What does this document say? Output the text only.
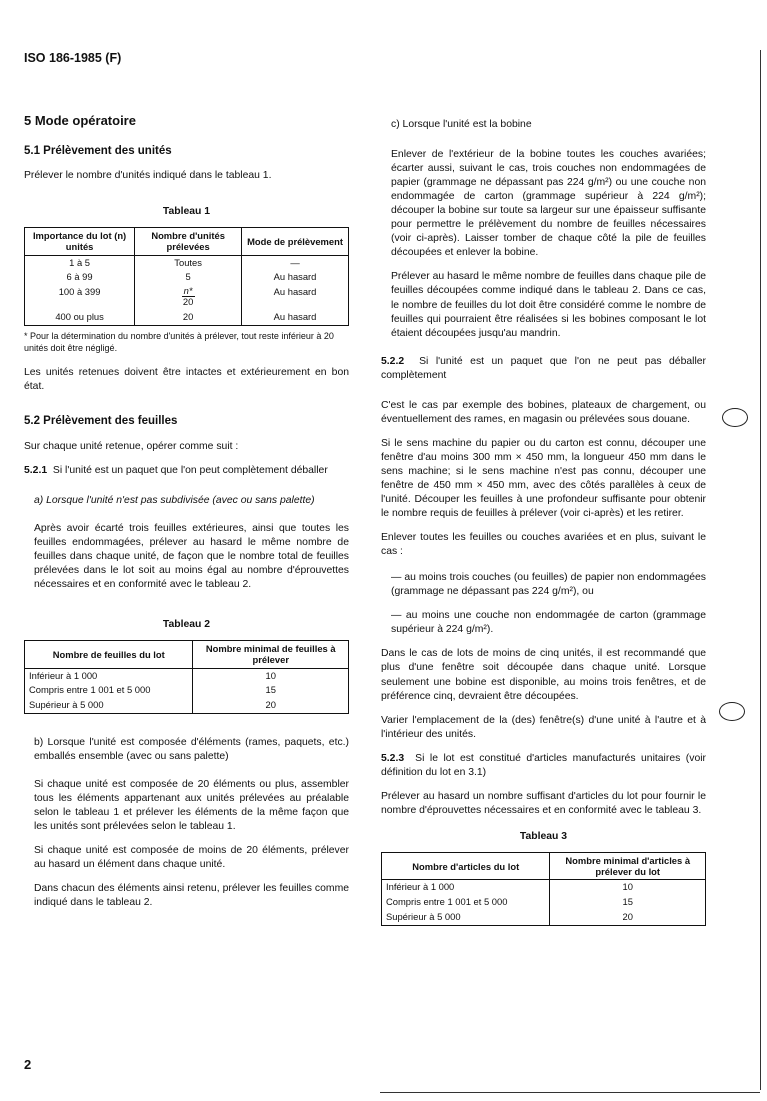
ISO 186-1985 (F)
5 Mode opératoire
5.1 Prélèvement des unités

Prélever le nombre d'unités indiqué dans le tableau 1.

Tableau 1
Importance du lot (n) unités	Nombre d'unités prélevées	Mode de prélèvement
1 à 5	Toutes	—
6 à 99	5	Au hasard
100 à 399	$\frac{n*}{20}$	Au hasard
400 ou plus	20	Au hasard
* Pour la détermination du nombre d'unités à prélever, tout reste inférieur à 20 unités doit être négligé.

Les unités retenues doivent être intactes et extérieurement en bon état.

5.2 Prélèvement des feuilles

Sur chaque unité retenue, opérer comme suit :

5.2.1 Si l'unité est un paquet que l'on peut complètement déballer

a) Lorsque l'unité n'est pas subdivisée (avec ou sans palette)

Après avoir écarté trois feuilles extérieures, ainsi que toutes les feuilles endommagées, prélever au hasard le même nombre de feuilles dans chaque unité, de façon que le nombre total de feuilles prélevées dans le lot soit au moins égal au nombre d'éprouvettes nécessaires et en conformité avec le tableau 2.

Tableau 2
Nombre de feuilles du lot	Nombre minimal de feuilles à prélever
Inférieur à 1 000	10
Compris entre 1 001 et 5 000	15
Supérieur à 5 000	20

b) Lorsque l'unité est composée d'éléments (rames, paquets, etc.) emballés ensemble (avec ou sans palette)

Si chaque unité est composée de 20 éléments ou plus, assembler tous les éléments appartenant aux unités prélevées au préalable selon le tableau 1 et prélever les éléments de la même façon que les unités sont prélevées selon le tableau 1.

Si chaque unité est composée de moins de 20 éléments, prélever au hasard un élément dans chaque unité.

Dans chacun des éléments ainsi retenu, prélever les feuilles comme indiqué dans le tableau 2.

c) Lorsque l'unité est la bobine

Enlever de l'extérieur de la bobine toutes les couches avariées; écarter aussi, suivant le cas, trois couches non endommagées de papier (grammage ne dépassant pas 224 g/m²) ou une couche non endommagée de carton (grammage supérieur à 224 g/m²); découper la bobine sur toute sa largeur sur une épaisseur suffisante pour permettre le prélèvement du nombre de feuilles nécessaires (voir ci-après). Laisser tomber de chaque côté la pile de feuilles découpées et enlever la bobine.

Prélever au hasard le même nombre de feuilles dans chaque pile de feuilles découpées comme indiqué dans le tableau 2. Dans ce cas, le nombre de feuilles du lot doit être considéré comme le nombre de feuilles qui pourraient être réalisées si les bobines composant le lot étaient découpées jusqu'au mandrin.

5.2.2 Si l'unité est un paquet que l'on ne peut pas déballer complètement

C'est le cas par exemple des bobines, plateaux de chargement, ou éventuellement des rames, en magasin ou prélevées sous douane.

Si le sens machine du papier ou du carton est connu, découper une fenêtre d'au moins 300 mm × 450 mm, la longueur 450 mm dans le sens machine; si le sens machine n'est pas connu, découper une fenêtre de 450 mm × 450 mm, avec des côtés parallèles à ceux de l'unité. Découper les feuilles à une profondeur suffisante pour obtenir le nombre requis de feuilles à prélever (voir ci-après) et les retirer.

Enlever toutes les feuilles ou couches avariées et en plus, suivant le cas :

— au moins trois couches (ou feuilles) de papier non endommagées (grammage ne dépassant pas 224 g/m²), ou

— au moins une couche non endommagée de carton (grammage supérieur à 224 g/m²).

Dans le cas de lots de moins de cinq unités, il est recommandé que plus d'une fenêtre soit découpée dans chaque unité. Lorsque seulement une bobine est disponible, au moins trois fenêtres, et de préférence cinq, devraient être découpées.

Varier l'emplacement de la (des) fenêtre(s) d'une unité à l'autre et à l'intérieur des unités.

5.2.3 Si le lot est constitué d'articles manufacturés unitaires (voir définition du lot en 3.1)

Prélever au hasard un nombre suffisant d'articles du lot pour fournir le nombre d'éprouvettes nécessaires et en conformité avec le tableau 3.

Tableau 3
Nombre d'articles du lot	Nombre minimal d'articles à prélever du lot
Inférieur à 1 000	10
Compris entre 1 001 et 5 000	15
Supérieur à 5 000	20
2
